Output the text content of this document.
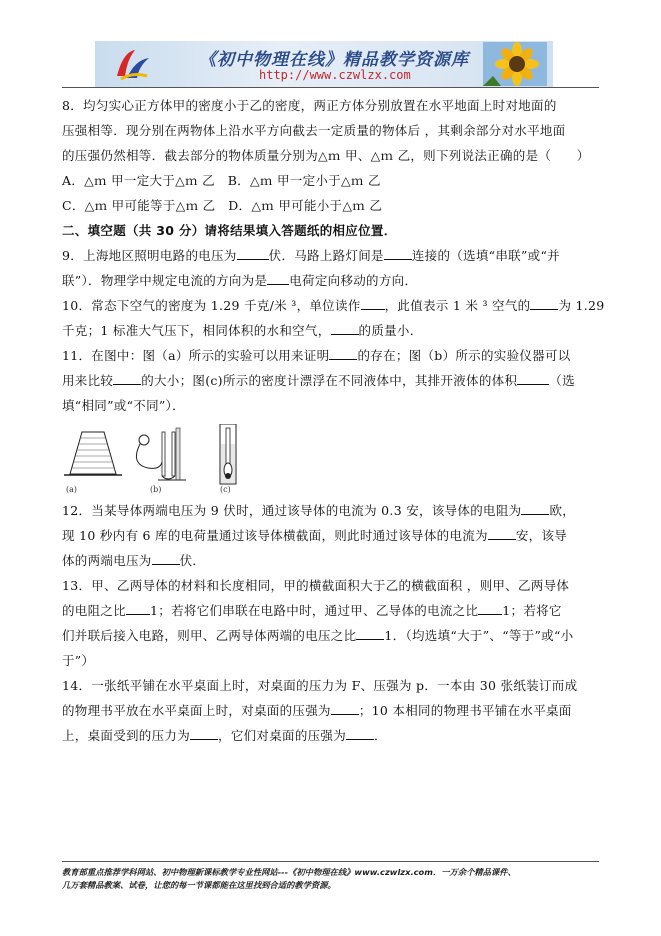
《初中物理在线》精品教学资源库
http://www.czwlzx.com

8．均匀实心正方体甲的密度小于乙的密度，两正方体分别放置在水平地面上时对地面的

压强相等．现分别在两物体上沿水平方向截去一定质量的物体后 ，其剩余部分对水平地面

的压强仍然相等．截去部分的物体质量分别为△ｍ 甲、△ｍ 乙，则下列说法正确的是（　　）

A．△ｍ 甲一定大于△ｍ 乙　B．△ｍ 甲一定小于△ｍ 乙

C．△ｍ 甲可能等于△ｍ 乙　D．△ｍ 甲可能小于△ｍ 乙

二、填空题（共 30 分）请将结果填入答题纸的相应位置．

9．上海地区照明电路的电压为	伏．马路上路灯间是 连接的（选填“串联”或“并

联”）．物理学中规定电流的方向为是 电荷定向移动的方向．

10．常态下空气的密度为 1.29 千克/米 ³，单位读作 ，此值表示 1 米 ³ 空气的 为 1.29

千克；1 标准大气压下，相同体积的水和空气， 的质量小．

11．在图中：图（a）所示的实验可以用来证明 的存在；图（b）所示的实验仪器可以

用来比较 的大小；图(c)所示的密度计漂浮在不同液体中，其排开液体的体积	（选

填“相同”或“不同”）．

(a)	(b)	(c)

12．当某导体两端电压为 9 伏时，通过该导体的电流为 0.3 安，该导体的电阻为 欧，

现 10 秒内有 6 库的电荷量通过该导体横截面，则此时通过该导体的电流为 安，该导

体的两端电压为 伏．

13．甲、乙两导体的材料和长度相同，甲的横截面积大于乙的横截面积 ，则甲、乙两导体

的电阻之比 1；若将它们串联在电路中时，通过甲、乙导体的电流之比 1；若将它

们并联后接入电路，则甲、乙两导体两端的电压之比 1．（均选填“大于”、“等于”或“小

于”）

14．一张纸平铺在水平桌面上时，对桌面的压力为 F、压强为 p．一本由 30 张纸装订而成

的物理书平放在水平桌面上时，对桌面的压强为 ；10 本相同的物理书平铺在水平桌面

上，桌面受到的压力为 ，它们对桌面的压强为 ．

教育部重点推荐学科网站、初中物理新课标教学专业性网站---《初中物理在线》www.czwlzx.com．一万余个精品课件、
几万套精品教案、试卷，让您的每一节课都能在这里找到合适的教学资源。
